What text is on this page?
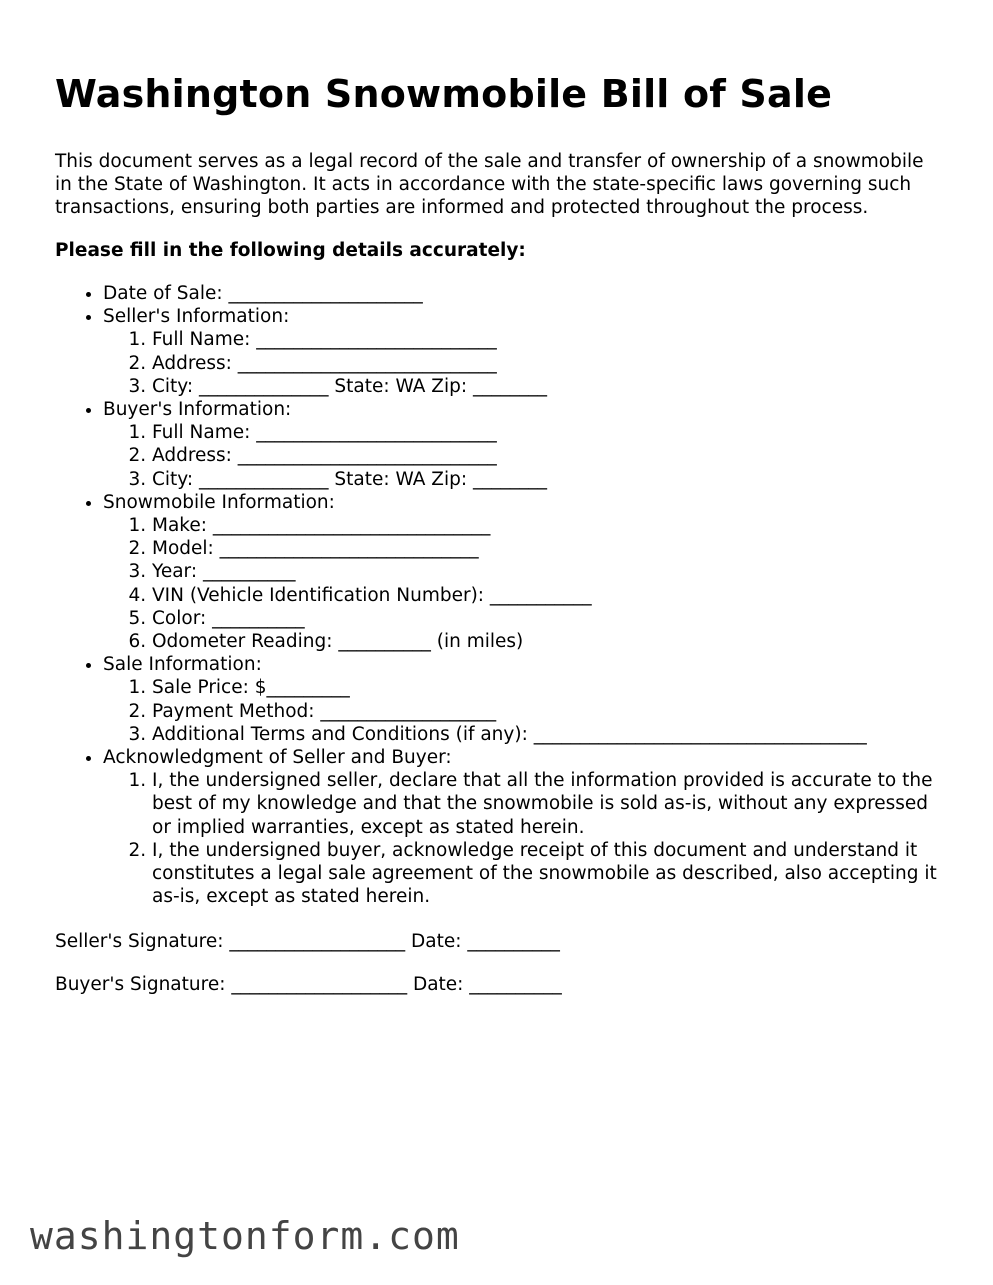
Washington Snowmobile Bill of Sale

This document serves as a legal record of the sale and transfer of ownership of a snowmobile in the State of Washington. It acts in accordance with the state-specific laws governing such transactions, ensuring both parties are informed and protected throughout the process.

Please fill in the following details accurately:

• Date of Sale: _____________________
• Seller's Information:
1. Full Name: __________________________
2. Address: ____________________________
3. City: ______________ State: WA Zip: ________
• Buyer's Information:
1. Full Name: __________________________
2. Address: ____________________________
3. City: ______________ State: WA Zip: ________
• Snowmobile Information:
1. Make: ______________________________
2. Model: ____________________________
3. Year: __________
4. VIN (Vehicle Identification Number): ___________
5. Color: __________
6. Odometer Reading: __________ (in miles)
• Sale Information:
1. Sale Price: $_________
2. Payment Method: ___________________
3. Additional Terms and Conditions (if any): ____________________________________
• Acknowledgment of Seller and Buyer:
1. I, the undersigned seller, declare that all the information provided is accurate to the best of my knowledge and that the snowmobile is sold as-is, without any expressed or implied warranties, except as stated herein.
2. I, the undersigned buyer, acknowledge receipt of this document and understand it constitutes a legal sale agreement of the snowmobile as described, also accepting it as-is, except as stated herein.
Seller's Signature: ___________________ Date: __________
Buyer's Signature: ___________________ Date: __________
washingtonform.com
